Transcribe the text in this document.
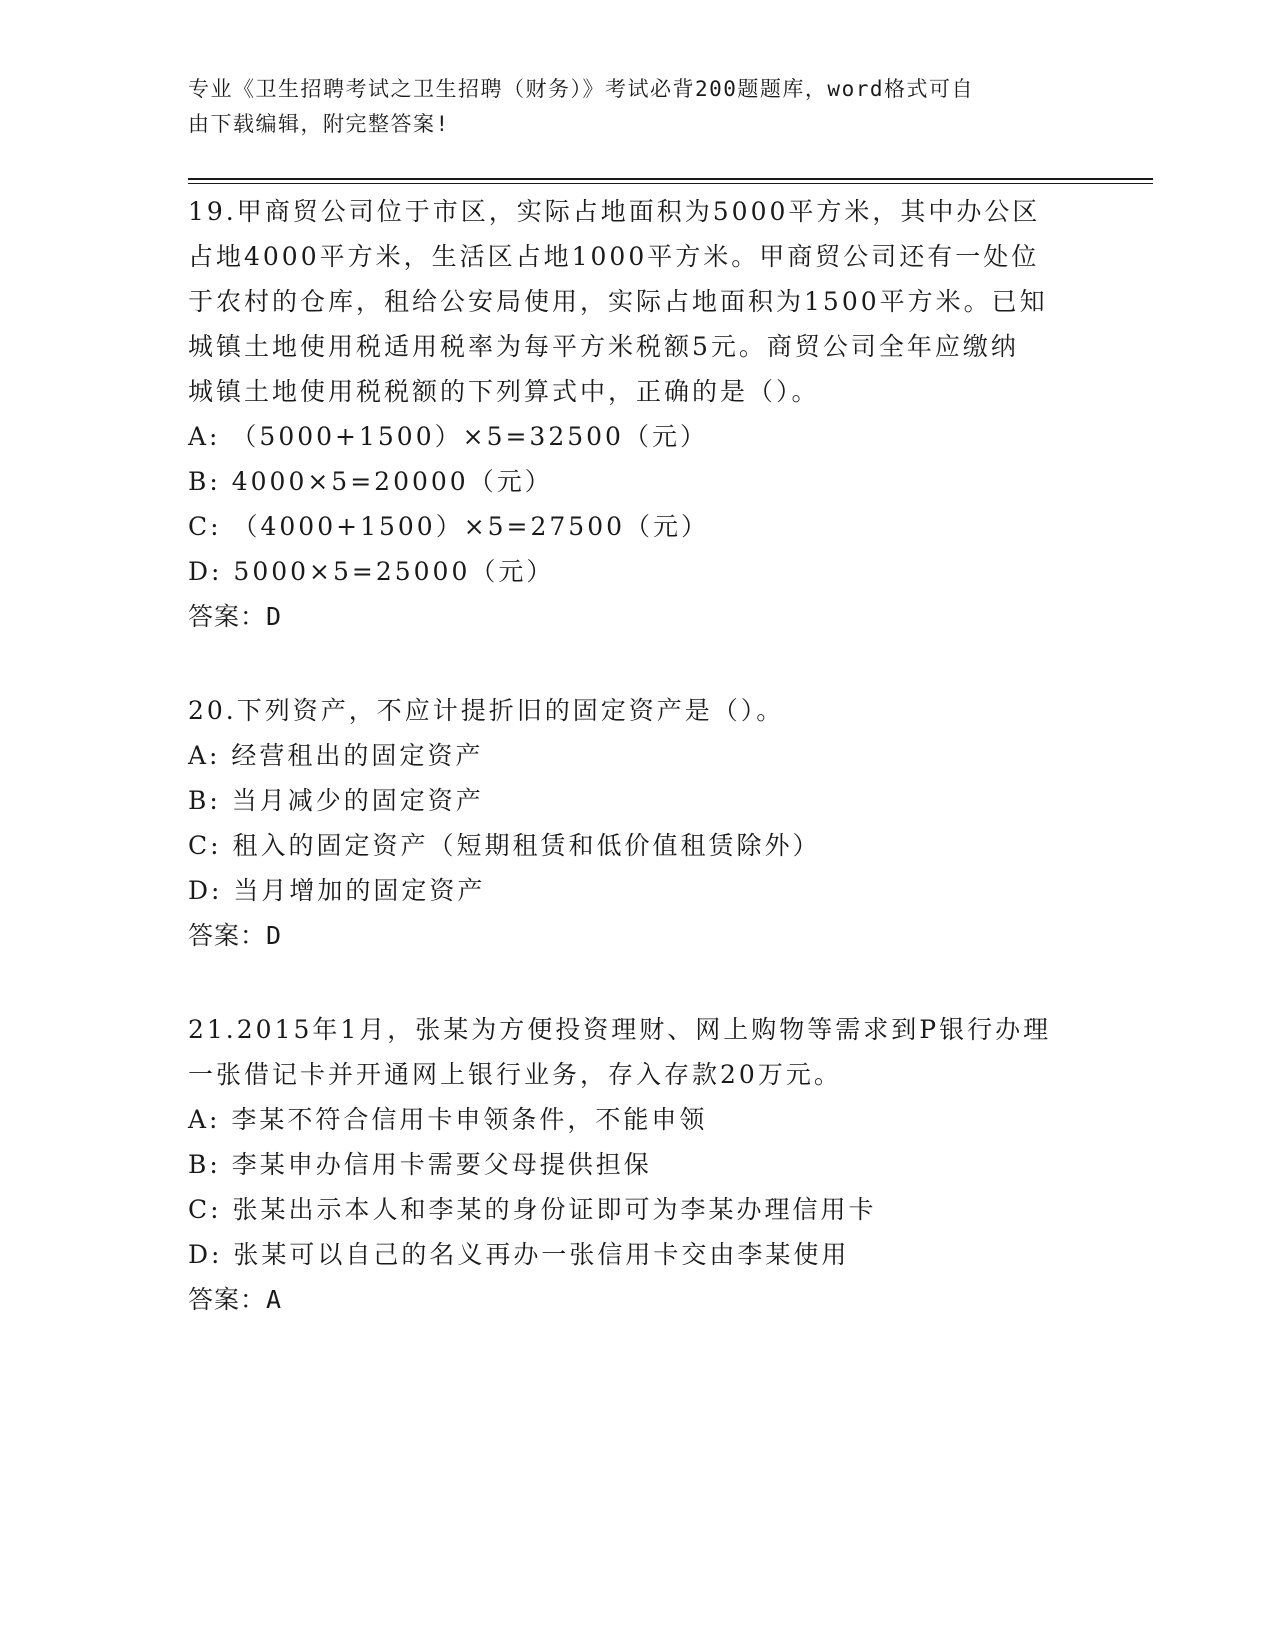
专业《卫生招聘考试之卫生招聘（财务）》考试必背200题题库，word格式可自
由下载编辑，附完整答案!

19.甲商贸公司位于市区，实际占地面积为5000平方米，其中办公区

占地4000平方米，生活区占地1000平方米。甲商贸公司还有一处位

于农村的仓库，租给公安局使用，实际占地面积为1500平方米。已知

城镇土地使用税适用税率为每平方米税额5元。商贸公司全年应缴纳

城镇土地使用税税额的下列算式中，正确的是（）。

A: （5000+1500）×5=32500（元）

B: 4000×5=20000（元）

C: （4000+1500）×5=27500（元）

D: 5000×5=25000（元）

答案：D

20.下列资产，不应计提折旧的固定资产是（）。

A: 经营租出的固定资产

B: 当月减少的固定资产

C: 租入的固定资产（短期租赁和低价值租赁除外）

D: 当月增加的固定资产

答案：D

21.2015年1月，张某为方便投资理财、网上购物等需求到P银行办理

一张借记卡并开通网上银行业务，存入存款20万元。

A: 李某不符合信用卡申领条件，不能申领

B: 李某申办信用卡需要父母提供担保

C: 张某出示本人和李某的身份证即可为李某办理信用卡

D: 张某可以自己的名义再办一张信用卡交由李某使用

答案：A
